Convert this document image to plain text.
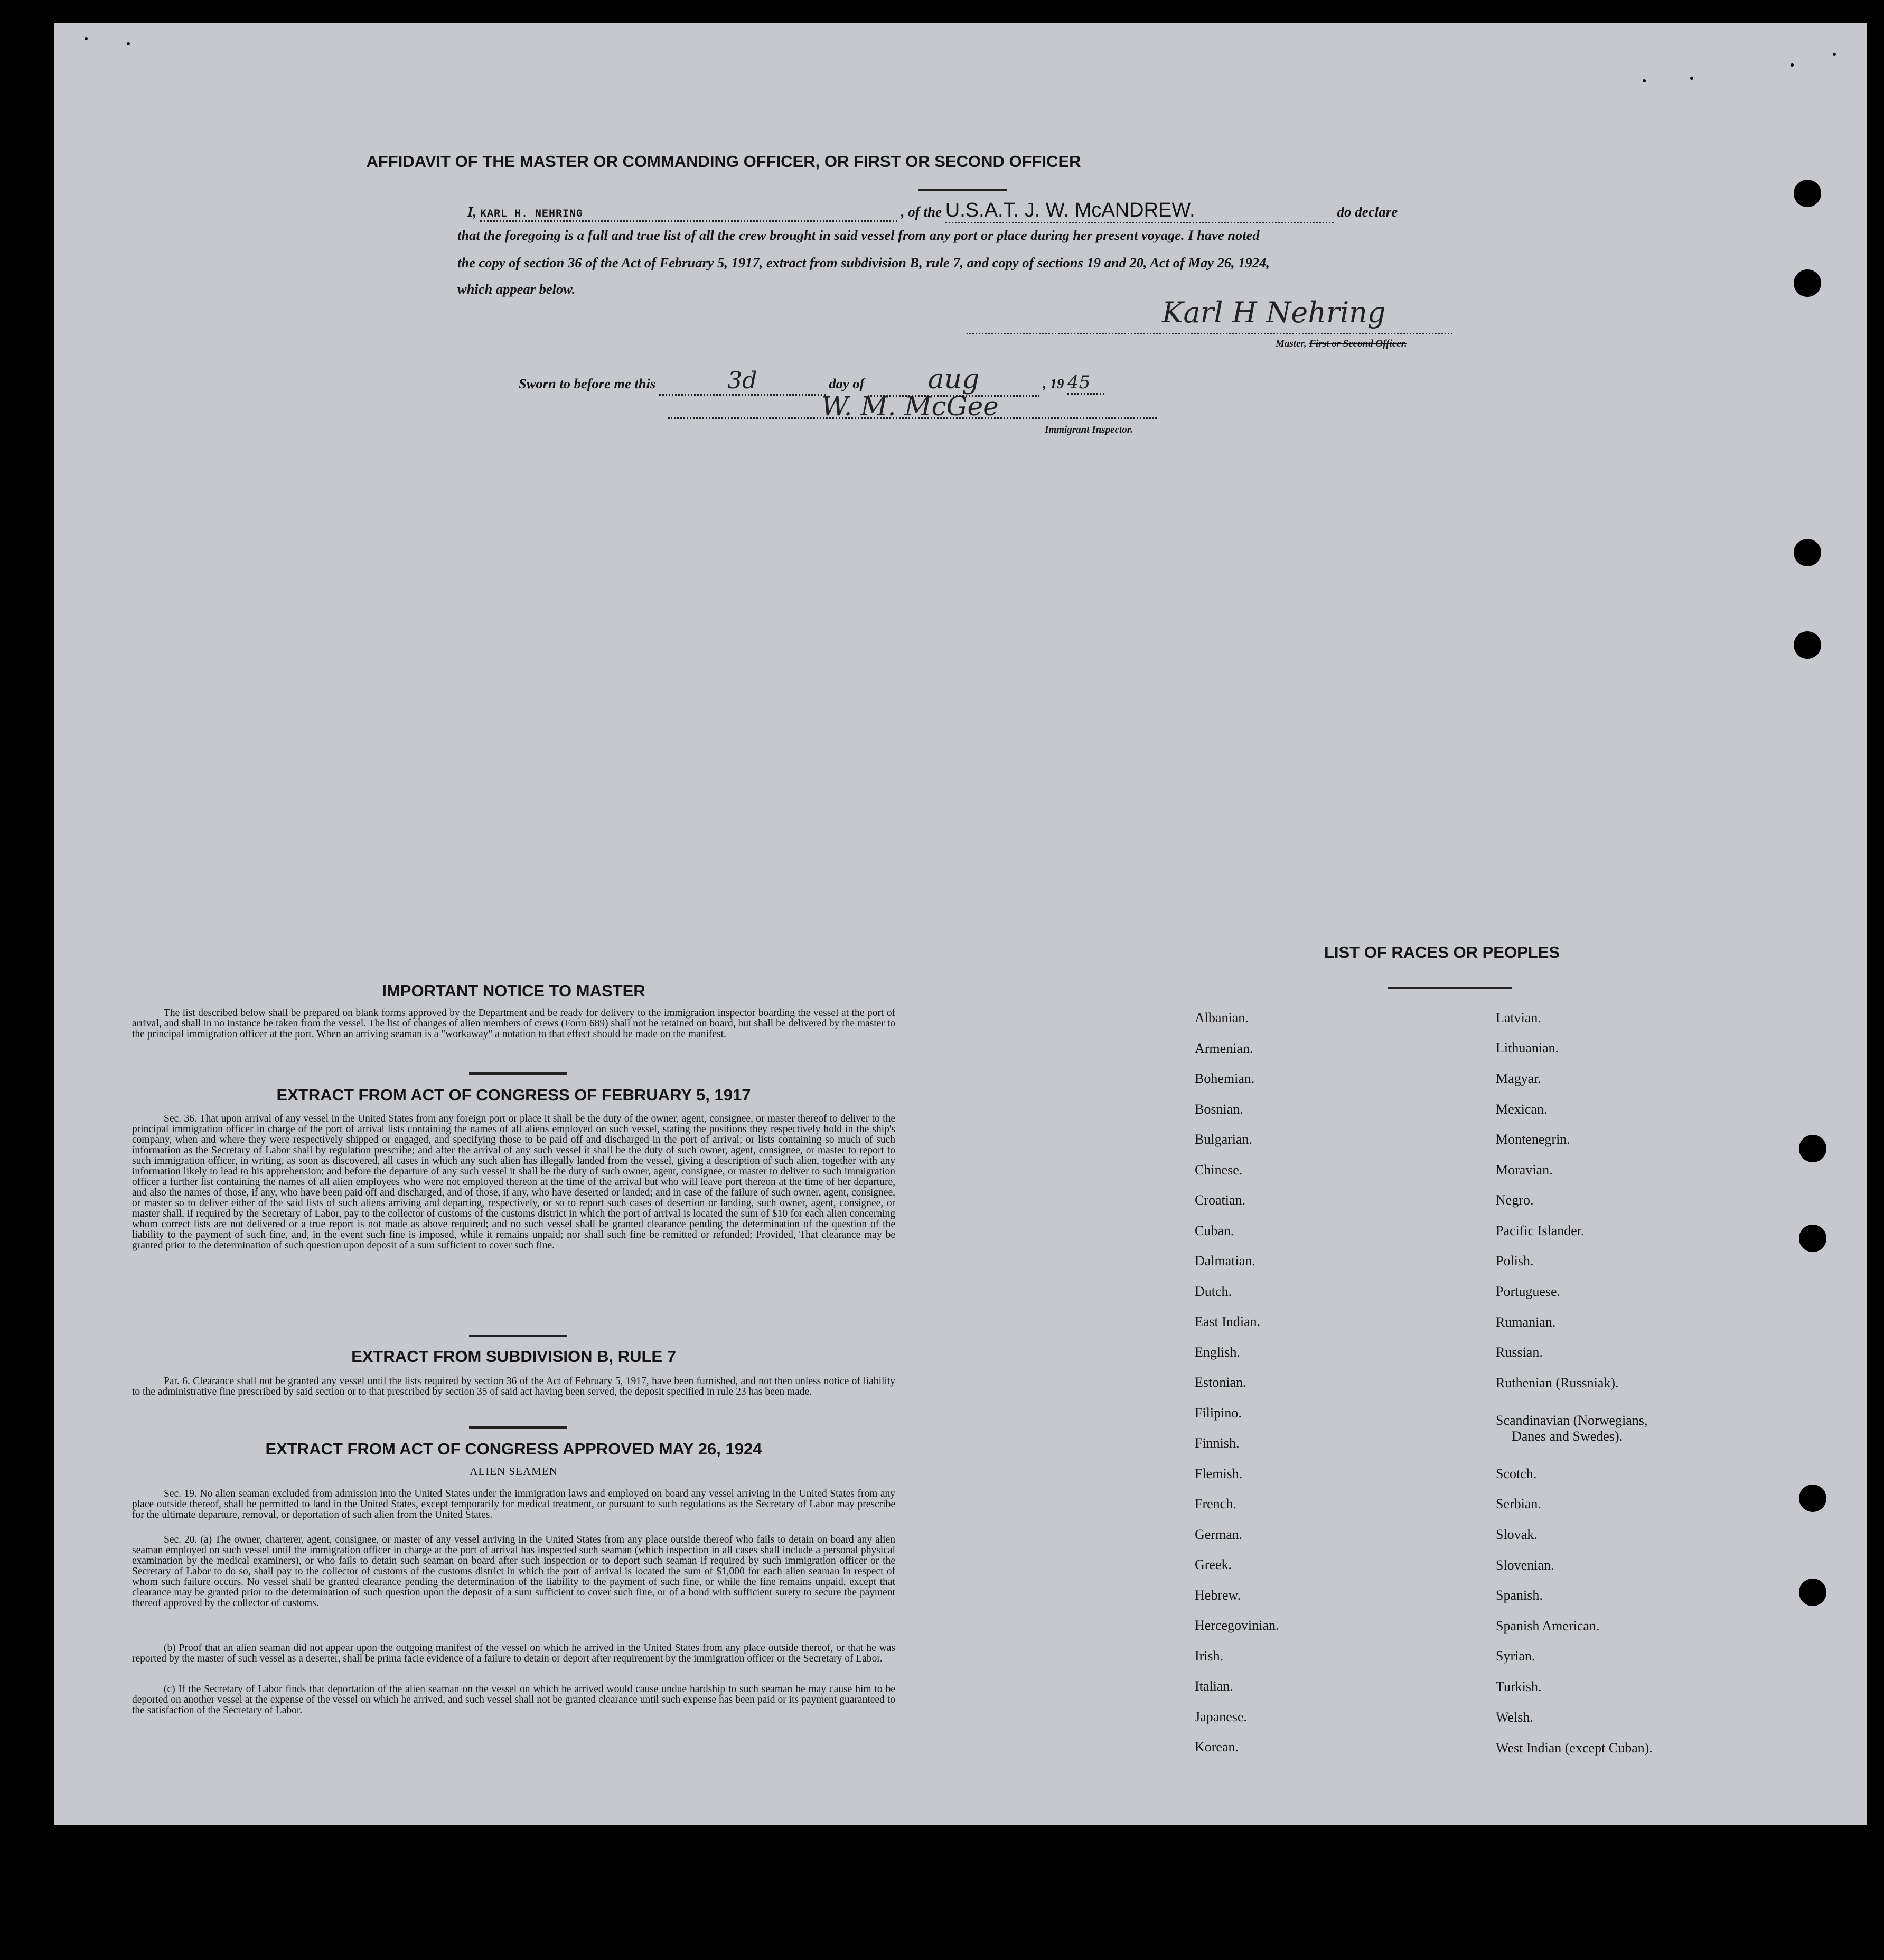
AFFIDAVIT OF THE MASTER OR COMMANDING OFFICER, OR FIRST OR SECOND OFFICER
I, KARL H. NEHRING	, of the U.S.A.T. J. W. McANDREW.	do declare
that the foregoing is a full and true list of all the crew brought in said vessel from any port or place during her present voyage. I have noted
the copy of section 36 of the Act of February 5, 1917, extract from subdivision B, rule 7, and copy of sections 19 and 20, Act of May 26, 1924,
which appear below.
Karl H Nehring
Master, First or Second Officer.
Sworn to before me this	3d	day of aug	, 19 45
W. M. McGee
Immigrant Inspector.
IMPORTANT NOTICE TO MASTER
The list described below shall be prepared on blank forms approved by the Department and be ready for delivery to the immigration inspector boarding the vessel at the port of arrival, and shall in no instance be taken from the vessel. The list of changes of alien members of crews (Form 689) shall not be retained on board, but shall be delivered by the master to the principal immigration officer at the port. When an arriving seaman is a "workaway" a notation to that effect should be made on the manifest.
EXTRACT FROM ACT OF CONGRESS OF FEBRUARY 5, 1917
Sec. 36. That upon arrival of any vessel in the United States from any foreign port or place it shall be the duty of the owner, agent, consignee, or master thereof to deliver to the principal immigration officer in charge of the port of arrival lists containing the names of all aliens employed on such vessel, stating the positions they respectively hold in the ship's company, when and where they were respectively shipped or engaged, and specifying those to be paid off and discharged in the port of arrival; or lists containing so much of such information as the Secretary of Labor shall by regulation prescribe; and after the arrival of any such vessel it shall be the duty of such owner, agent, consignee, or master to report to such immigration officer, in writing, as soon as discovered, all cases in which any such alien has illegally landed from the vessel, giving a description of such alien, together with any information likely to lead to his apprehension; and before the departure of any such vessel it shall be the duty of such owner, agent, consignee, or master to deliver to such immigration officer a further list containing the names of all alien employees who were not employed thereon at the time of the arrival but who will leave port thereon at the time of her departure, and also the names of those, if any, who have been paid off and discharged, and of those, if any, who have deserted or landed; and in case of the failure of such owner, agent, consignee, or master so to deliver either of the said lists of such aliens arriving and departing, respectively, or so to report such cases of desertion or landing, such owner, agent, consignee, or master shall, if required by the Secretary of Labor, pay to the collector of customs of the customs district in which the port of arrival is located the sum of $10 for each alien concerning whom correct lists are not delivered or a true report is not made as above required; and no such vessel shall be granted clearance pending the determination of the question of the liability to the payment of such fine, and, in the event such fine is imposed, while it remains unpaid; nor shall such fine be remitted or refunded; Provided, That clearance may be granted prior to the determination of such question upon deposit of a sum sufficient to cover such fine.
EXTRACT FROM SUBDIVISION B, RULE 7
Par. 6. Clearance shall not be granted any vessel until the lists required by section 36 of the Act of February 5, 1917, have been furnished, and not then unless notice of liability to the administrative fine prescribed by said section or to that prescribed by section 35 of said act having been served, the deposit specified in rule 23 has been made.
EXTRACT FROM ACT OF CONGRESS APPROVED MAY 26, 1924
ALIEN SEAMEN
Sec. 19. No alien seaman excluded from admission into the United States under the immigration laws and employed on board any vessel arriving in the United States from any place outside thereof, shall be permitted to land in the United States, except temporarily for medical treatment, or pursuant to such regulations as the Secretary of Labor may prescribe for the ultimate departure, removal, or deportation of such alien from the United States.
Sec. 20. (a) The owner, charterer, agent, consignee, or master of any vessel arriving in the United States from any place outside thereof who fails to detain on board any alien seaman employed on such vessel until the immigration officer in charge at the port of arrival has inspected such seaman (which inspection in all cases shall include a personal physical examination by the medical examiners), or who fails to detain such seaman on board after such inspection or to deport such seaman if required by such immigration officer or the Secretary of Labor to do so, shall pay to the collector of customs of the customs district in which the port of arrival is located the sum of $1,000 for each alien seaman in respect of whom such failure occurs. No vessel shall be granted clearance pending the determination of the liability to the payment of such fine, or while the fine remains unpaid, except that clearance may be granted prior to the determination of such question upon the deposit of a sum sufficient to cover such fine, or of a bond with sufficient surety to secure the payment thereof approved by the collector of customs.
(b) Proof that an alien seaman did not appear upon the outgoing manifest of the vessel on which he arrived in the United States from any place outside thereof, or that he was reported by the master of such vessel as a deserter, shall be prima facie evidence of a failure to detain or deport after requirement by the immigration officer or the Secretary of Labor.
(c) If the Secretary of Labor finds that deportation of the alien seaman on the vessel on which he arrived would cause undue hardship to such seaman he may cause him to be deported on another vessel at the expense of the vessel on which he arrived, and such vessel shall not be granted clearance until such expense has been paid or its payment guaranteed to the satisfaction of the Secretary of Labor.
LIST OF RACES OR PEOPLES
Albanian.
Armenian.
Bohemian.
Bosnian.
Bulgarian.
Chinese.
Croatian.
Cuban.
Dalmatian.
Dutch.
East Indian.
English.
Estonian.
Filipino.
Finnish.
Flemish.
French.
German.
Greek.
Hebrew.
Hercegovinian.
Irish.
Italian.
Japanese.
Korean.
Latvian.
Lithuanian.
Magyar.
Mexican.
Montenegrin.
Moravian.
Negro.
Pacific Islander.
Polish.
Portuguese.
Rumanian.
Russian.
Ruthenian (Russniak).
Scandinavian (Norwegians,
Danes and Swedes).
Scotch.
Serbian.
Slovak.
Slovenian.
Spanish.
Spanish American.
Syrian.
Turkish.
Welsh.
West Indian (except Cuban).
